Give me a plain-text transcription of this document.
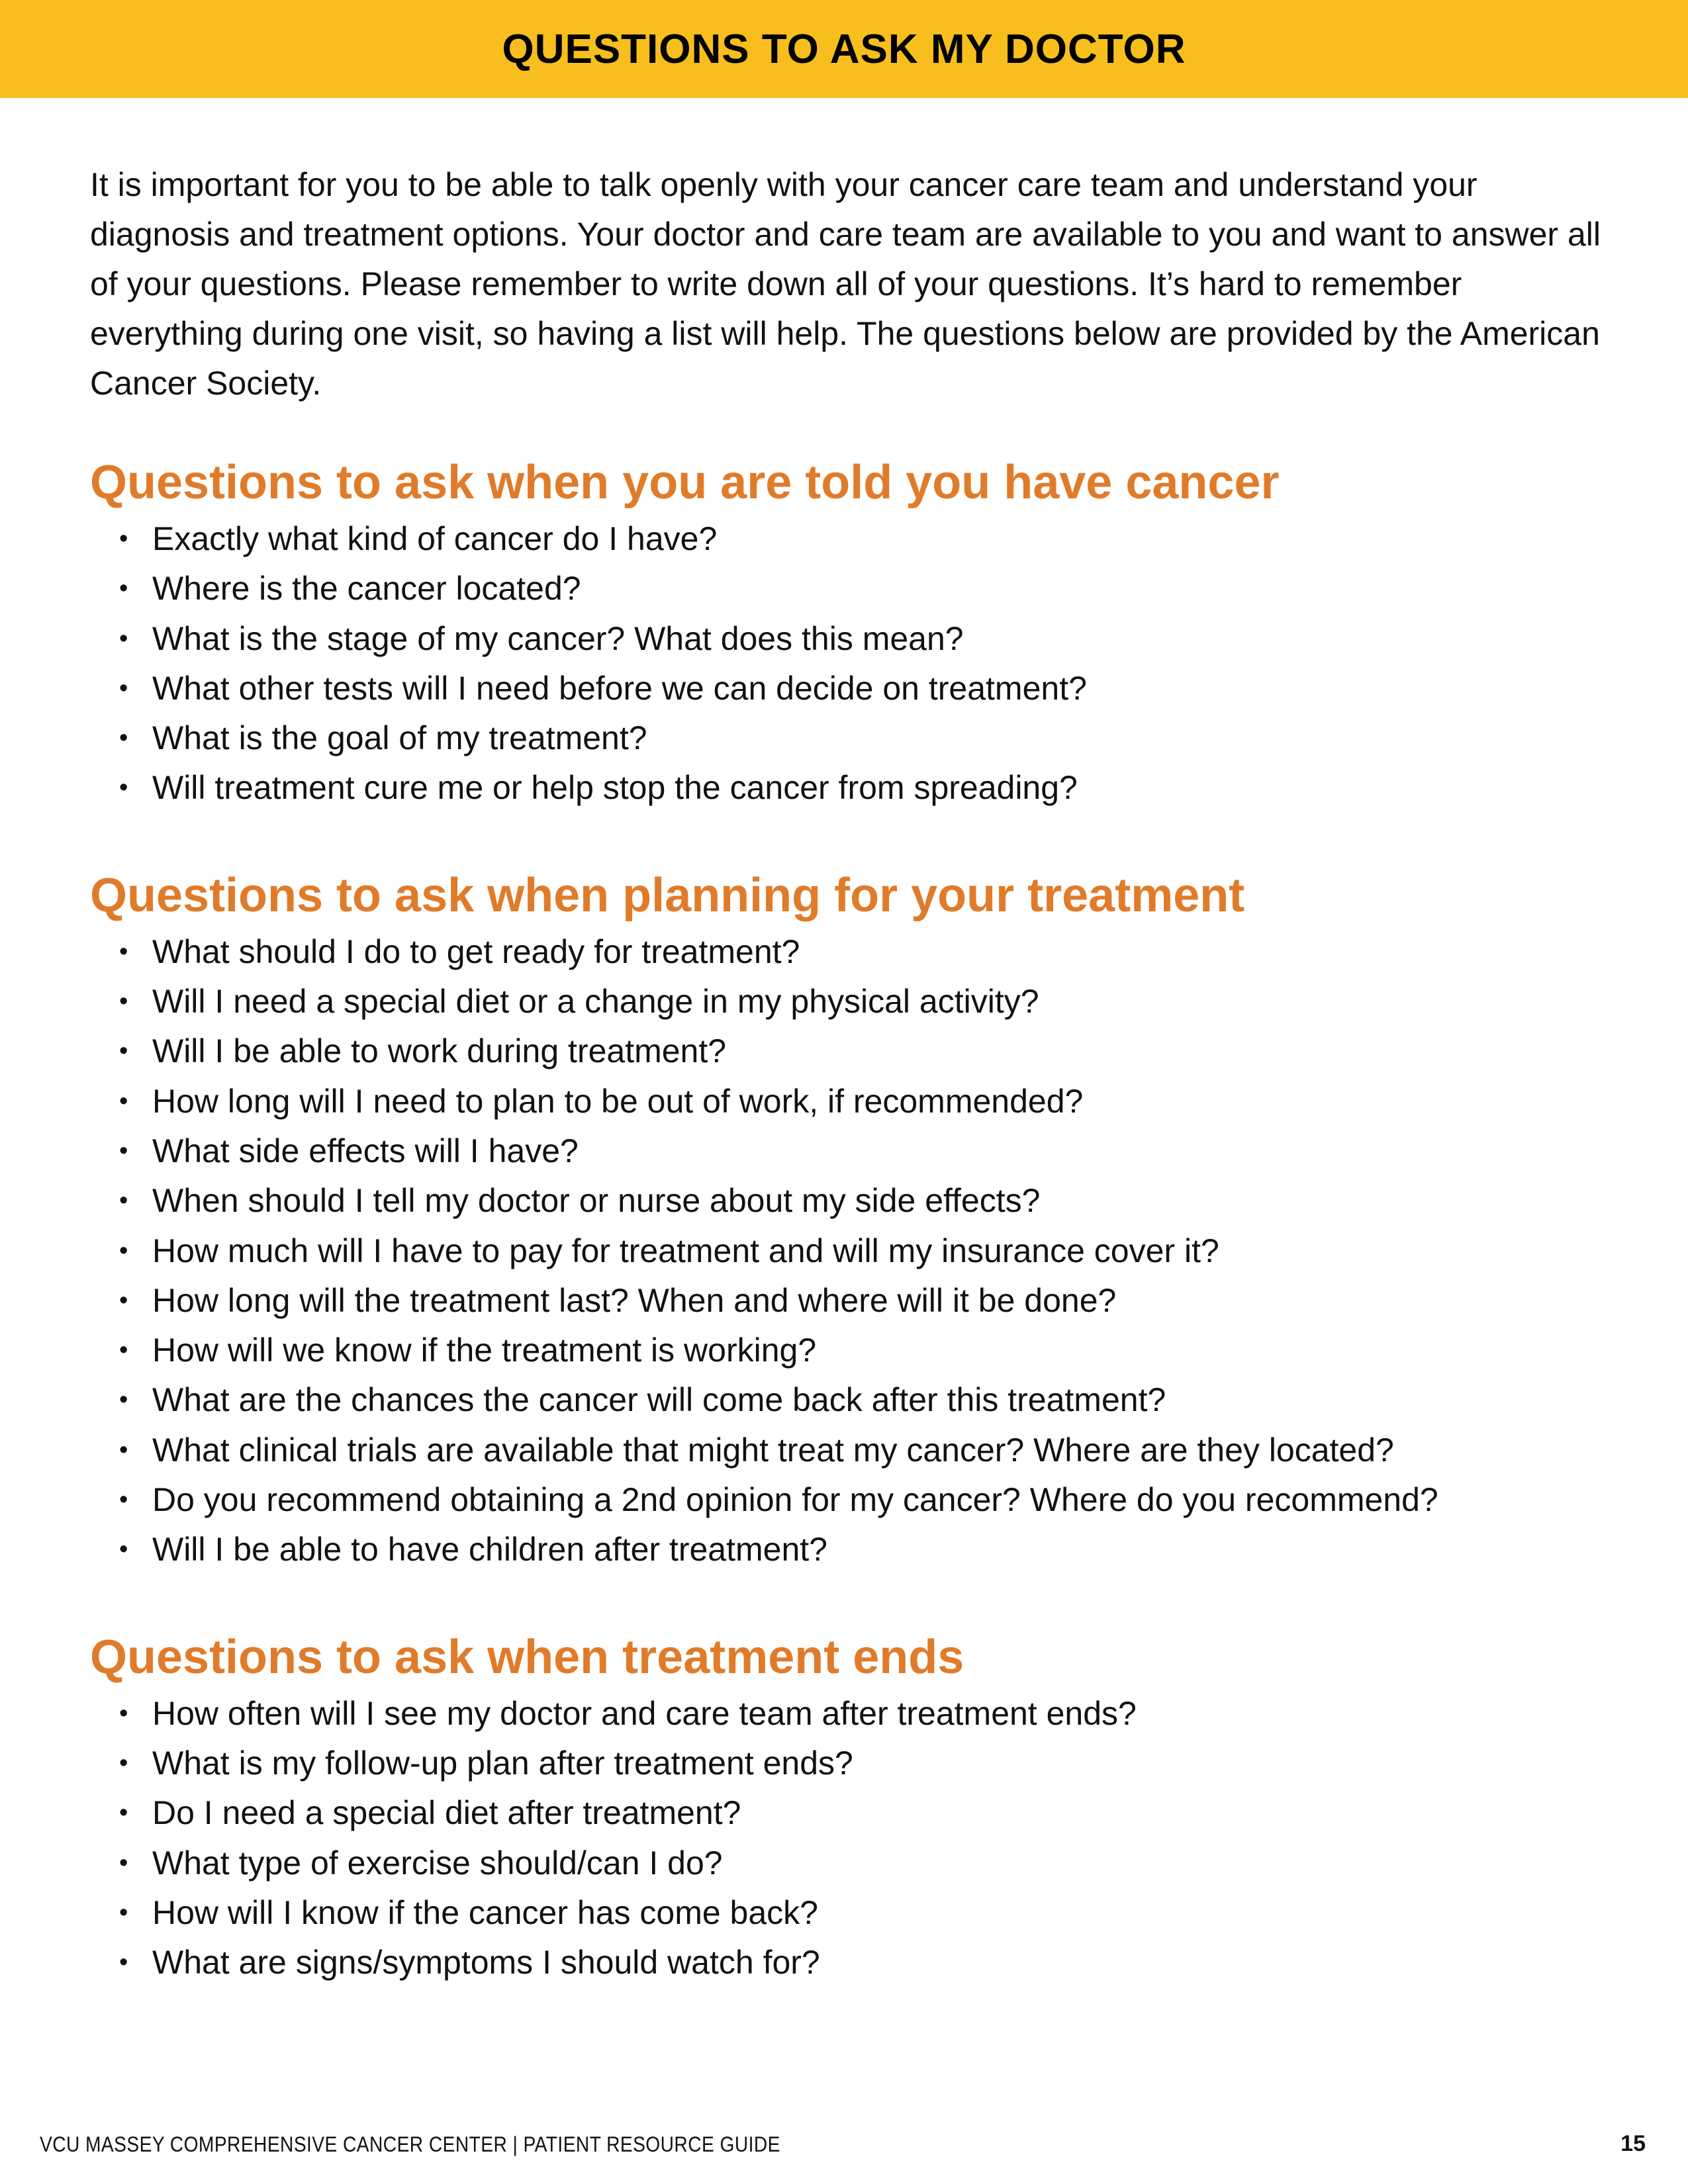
QUESTIONS TO ASK MY DOCTOR

It is important for you to be able to talk openly with your cancer care team and understand your diagnosis and treatment options. Your doctor and care team are available to you and want to answer all of your questions. Please remember to write down all of your questions. It’s hard to remember everything during one visit, so having a list will help. The questions below are provided by the American Cancer Society.

Questions to ask when you are told you have cancer
• Exactly what kind of cancer do I have?
• Where is the cancer located?
• What is the stage of my cancer? What does this mean?
• What other tests will I need before we can decide on treatment?
• What is the goal of my treatment?
• Will treatment cure me or help stop the cancer from spreading?
Questions to ask when planning for your treatment
• What should I do to get ready for treatment?
• Will I need a special diet or a change in my physical activity?
• Will I be able to work during treatment?
• How long will I need to plan to be out of work, if recommended?
• What side effects will I have?
• When should I tell my doctor or nurse about my side effects?
• How much will I have to pay for treatment and will my insurance cover it?
• How long will the treatment last? When and where will it be done?
• How will we know if the treatment is working?
• What are the chances the cancer will come back after this treatment?
• What clinical trials are available that might treat my cancer? Where are they located?
• Do you recommend obtaining a 2nd opinion for my cancer? Where do you recommend?
• Will I be able to have children after treatment?
Questions to ask when treatment ends
• How often will I see my doctor and care team after treatment ends?
• What is my follow-up plan after treatment ends?
• Do I need a special diet after treatment?
• What type of exercise should/can I do?
• How will I know if the cancer has come back?
• What are signs/symptoms I should watch for?
VCU MASSEY COMPREHENSIVE CANCER CENTER | PATIENT RESOURCE GUIDE	15
